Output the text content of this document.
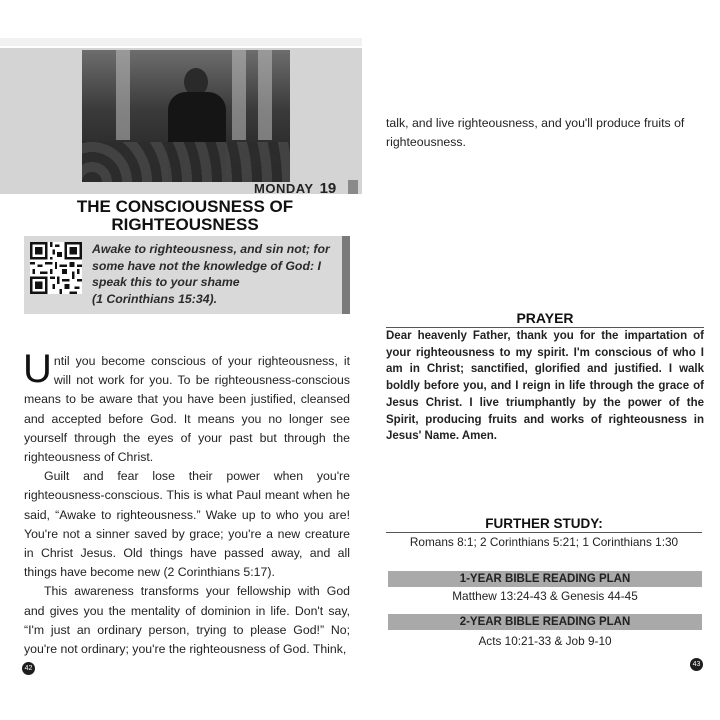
MONDAY 19
THE CONSCIOUSNESS OF RIGHTEOUSNESS
Awake to righteousness, and sin not; for some have not the knowledge of God: I speak this to your shame
(1 Corinthians 15:34).

Until you become conscious of your righteousness, it will not work for you. To be righteousness-conscious means to be aware that you have been justified, cleansed and accepted before God. It means you no longer see yourself through the eyes of your past but through the righteousness of Christ.

Guilt and fear lose their power when you're righteousness-conscious. This is what Paul meant when he said, “Awake to righteousness.” Wake up to who you are! You're not a sinner saved by grace; you're a new creature in Christ Jesus. Old things have passed away, and all things have become new (2 Corinthians 5:17).

This awareness transforms your fellowship with God and gives you the mentality of dominion in life. Don't say, “I'm just an ordinary person, trying to please God!” No; you're not ordinary; you're the righteousness of God. Think,

42
talk, and live righteousness, and you'll produce fruits of righteousness.
PRAYER
Dear heavenly Father, thank you for the impartation of your righteousness to my spirit. I'm conscious of who I am in Christ; sanctified, glorified and justified. I walk boldly before you, and I reign in life through the grace of Jesus Christ. I live triumphantly by the power of the Spirit, producing fruits and works of righteousness in Jesus' Name. Amen.
FURTHER STUDY:
Romans 8:1; 2 Corinthians 5:21; 1 Corinthians 1:30
1-YEAR BIBLE READING PLAN
Matthew 13:24-43 & Genesis 44-45
2-YEAR BIBLE READING PLAN
Acts 10:21-33 & Job 9-10
43
